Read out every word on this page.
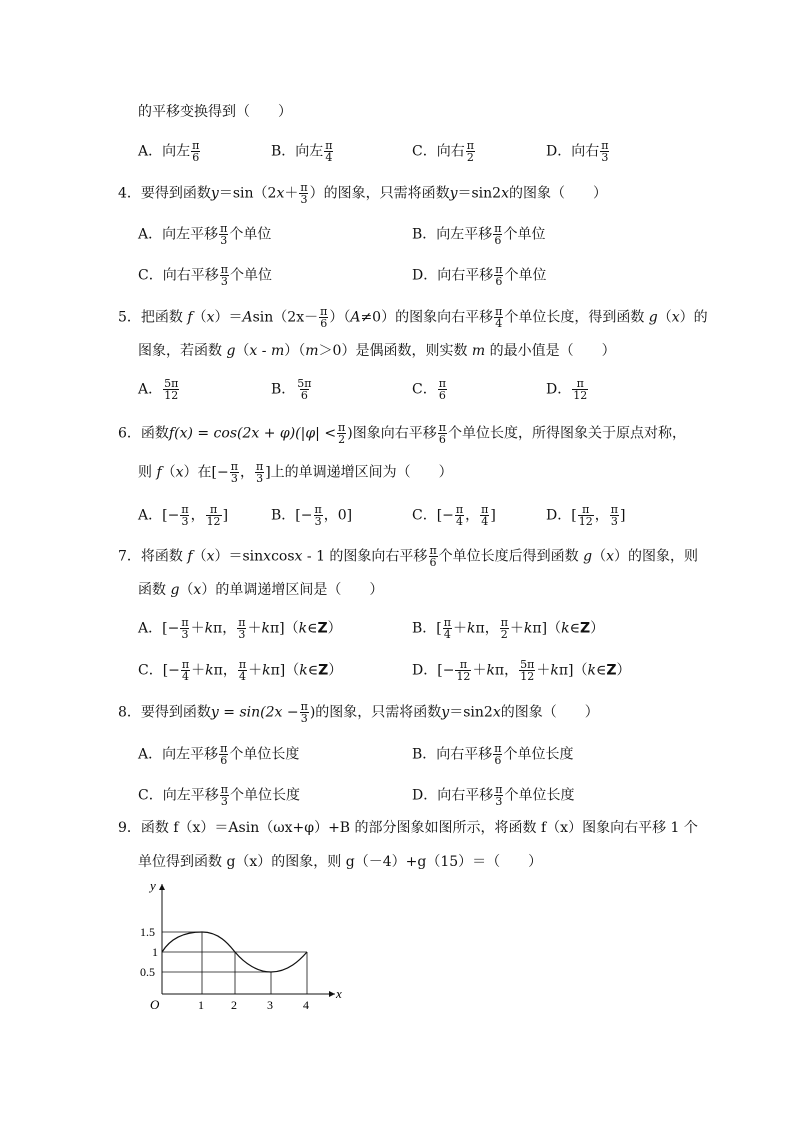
的平移变换得到（　　）
A．向左 $\frac{\pi}{6}$	B．向左 $\frac{\pi}{4}$	C．向右 $\frac{\pi}{2}$	D．向右 $\frac{\pi}{3}$
4．要得到函数$y=\sin(2x+ \frac{\pi}{3}$ ）的图象，只需将函数y＝sin2x的图象（　　）
A．向左平移 $\frac{\pi}{3}$ 个单位	B．向左平移 $\frac{\pi}{6}$ 个单位
C．向右平移 $\frac{\pi}{3}$ 个单位	D．向右平移 $\frac{\pi}{6}$ 个单位
5．把函数 $f(x)=Asin(2x- \frac{\pi}{6} )(A\ne 0)$的图象向右平移 $\frac{\pi}{4}$ 个单位长度，得到函数 g（x）的
图象，若函数 g（x - m）（m＞0）是偶函数，则实数 m 的最小值是（　　）
A． $\frac{5\pi}{12}$	B． $\frac{5\pi}{6}$	C． $\frac{\pi}{6}$	D． $\frac{\pi}{12}$
6．函数$f(x) = \cos(2x + \varphi)(|\varphi| < \frac{\pi}{2}$ )图象向右平移 $\frac{\pi}{6}$ 个单位长度，所得图象关于原点对称，
则 f（x）在[− $\frac{\pi}{3}$ ， $\frac{\pi}{3}$ ]上的单调递增区间为（　　）
A．[− $\frac{\pi}{3}$ ， $\frac{\pi}{12}$ ]	B．[− $\frac{\pi}{3}$ ，0]	C．[− $\frac{\pi}{4}$ ， $\frac{\pi}{4}$ ]	D．[ $\frac{\pi}{12}$ ， $\frac{\pi}{3}$ ]
7．将函数 f（x）＝sinxcosx - 1 的图象向右平移 $\frac{\pi}{6}$ 个单位长度后得到函数 g（x）的图象，则
函数 g（x）的单调递增区间是（　　）
A．[− $\frac{\pi}{3} +k\pi$， $\frac{\pi}{3}$ ＋kπ]（k∈Z）	B．[ $\frac{\pi}{4} +k\pi$， $\frac{\pi}{2}$ ＋kπ]（k∈Z）
C．[− $\frac{\pi}{4} +k\pi$， $\frac{\pi}{4}$ ＋kπ]（k∈Z）	D．[− $\frac{\pi}{12} +k\pi$， $\frac{5\pi}{12}$ ＋kπ]（k∈Z）
8．要得到函数$y = \sin(2x - \frac{\pi}{3}$ )的图象，只需将函数y＝sin2x的图象（　　）
A．向左平移 $\frac{\pi}{6}$ 个单位长度	B．向右平移 $\frac{\pi}{6}$ 个单位长度
C．向左平移 $\frac{\pi}{3}$ 个单位长度	D．向右平移 $\frac{\pi}{3}$ 个单位长度
9．函数 f（x）＝Asin（ωx+φ）+B 的部分图象如图所示，将函数 f（x）图象向右平移 1 个
单位得到函数 g（x）的图象，则 g（－4）+g（15）＝（　　）
y
x
O
1.5
1
0.5
1 2	3	4
